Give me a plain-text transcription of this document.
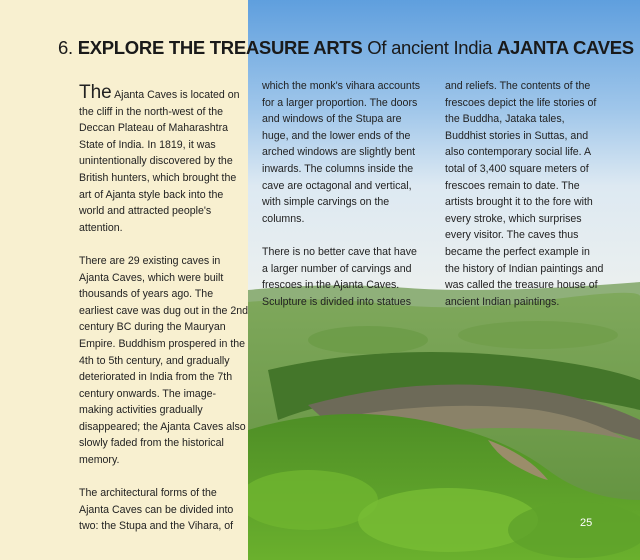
6. EXPLORE THE TREASURE ARTS Of ancient India AJANTA CAVES

The Ajanta Caves is located on the cliff in the north-west of the Deccan Plateau of Maharashtra State of India. In 1819, it was unintentionally discovered by the British hunters, which brought the art of Ajanta style back into the world and attracted people's attention.

There are 29 existing caves in Ajanta Caves, which were built thousands of years ago. The earliest cave was dug out in the 2nd century BC during the Mauryan Empire. Buddhism prospered in the 4th to 5th century, and gradually deteriorated in India from the 7th century onwards. The image-making activities gradually disappeared; the Ajanta Caves also slowly faded from the historical memory.

The architectural forms of the Ajanta Caves can be divided into two: the Stupa and the Vihara, of

which the monk's vihara accounts for a larger proportion. The doors and windows of the Stupa are huge, and the lower ends of the arched windows are slightly bent inwards. The columns inside the cave are octagonal and vertical, with simple carvings on the columns.

There is no better cave that have a larger number of carvings and frescoes in the Ajanta Caves. Sculpture is divided into statues

and reliefs. The contents of the frescoes depict the life stories of the Buddha, Jataka tales, Buddhist stories in Suttas, and also contemporary social life. A total of 3,400 square meters of frescoes remain to date. The artists brought it to the fore with every stroke, which surprises every visitor. The caves thus became the perfect example in the history of Indian paintings and was called the treasure house of ancient Indian paintings.

25
